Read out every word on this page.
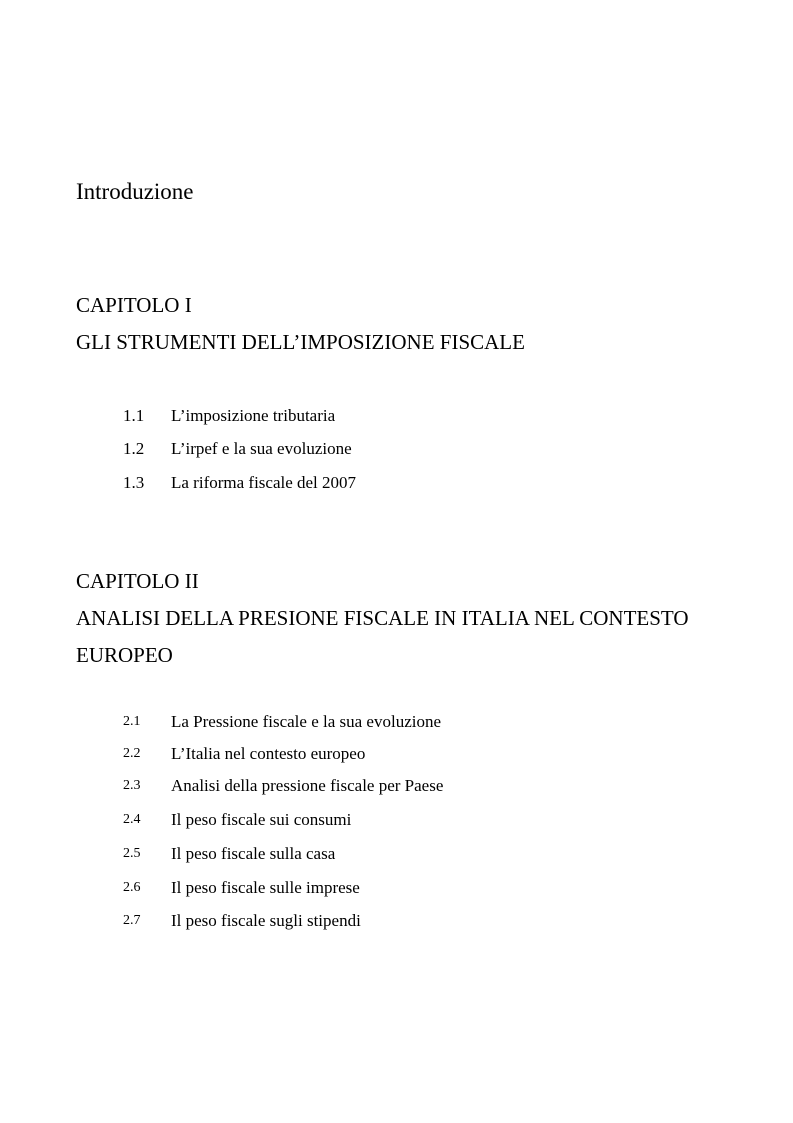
Introduzione
CAPITOLO I
GLI STRUMENTI DELL’IMPOSIZIONE FISCALE
1.1 L’imposizione tributaria
1.2 L’irpef e la sua evoluzione
1.3 La riforma fiscale del 2007
CAPITOLO II
ANALISI DELLA PRESIONE FISCALE IN ITALIA NEL CONTESTO
EUROPEO
2.1 La Pressione fiscale e la sua evoluzione
2.2 L’Italia nel contesto europeo
2.3 Analisi della pressione fiscale per Paese
2.4 Il peso fiscale sui consumi
2.5 Il peso fiscale sulla casa
2.6 Il peso fiscale sulle imprese
2.7 Il peso fiscale sugli stipendi
